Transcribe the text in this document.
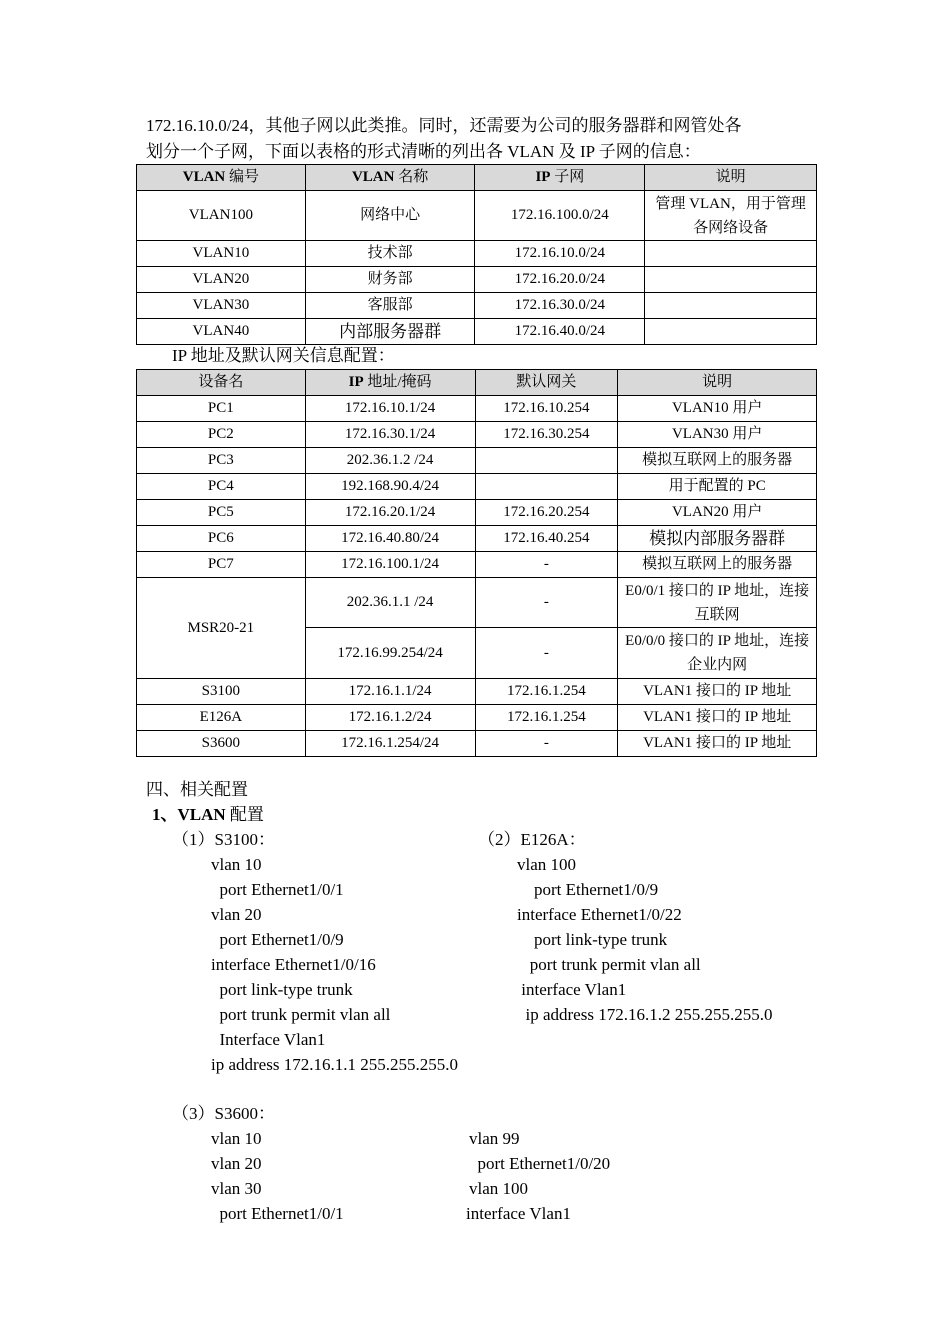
172.16.10.0/24，其他子网以此类推。同时，还需要为公司的服务器群和网管处各
划分一个子网，下面以表格的形式清晰的列出各 VLAN 及 IP 子网的信息：
VLAN 编号	VLAN 名称	IP 子网	说明
VLAN100	网络中心	172.16.100.0/24	管理 VLAN，用于管理各网络设备
VLAN10	技术部	172.16.10.0/24	
VLAN20	财务部	172.16.20.0/24	
VLAN30	客服部	172.16.30.0/24	
VLAN40	内部服务器群	172.16.40.0/24	
IP 地址及默认网关信息配置：
设备名	IP 地址/掩码	默认网关	说明
PC1	172.16.10.1/24	172.16.10.254	VLAN10 用户
PC2	172.16.30.1/24	172.16.30.254	VLAN30 用户
PC3	202.36.1.2 /24		模拟互联网上的服务器
PC4	192.168.90.4/24		用于配置的 PC
PC5	172.16.20.1/24	172.16.20.254	VLAN20 用户
PC6	172.16.40.80/24	172.16.40.254	模拟内部服务器群
PC7	172.16.100.1/24	-	模拟互联网上的服务器
MSR20-21	202.36.1.1 /24	-	E0/0/1 接口的 IP 地址，连接互联网
	172.16.99.254/24	-	E0/0/0 接口的 IP 地址，连接企业内网
S3100	172.16.1.1/24	172.16.1.254	VLAN1 接口的 IP 地址
E126A	172.16.1.2/24	172.16.1.254	VLAN1 接口的 IP 地址
S3600	172.16.1.254/24	-	VLAN1 接口的 IP 地址
四、相关配置
1、VLAN 配置
（1）S3100：
vlan 10
port Ethernet1/0/1
vlan 20
port Ethernet1/0/9
interface Ethernet1/0/16
port link-type trunk
port trunk permit vlan all
Interface Vlan1
ip address 172.16.1.1 255.255.255.0
（2）E126A：
vlan 100
port Ethernet1/0/9
interface Ethernet1/0/22
port link-type trunk
port trunk permit vlan all
interface Vlan1
ip address 172.16.1.2 255.255.255.0
（3）S3600：
vlan 10
vlan 20
vlan 30
port Ethernet1/0/1
vlan 99
port Ethernet1/0/20
vlan 100
interface Vlan1
